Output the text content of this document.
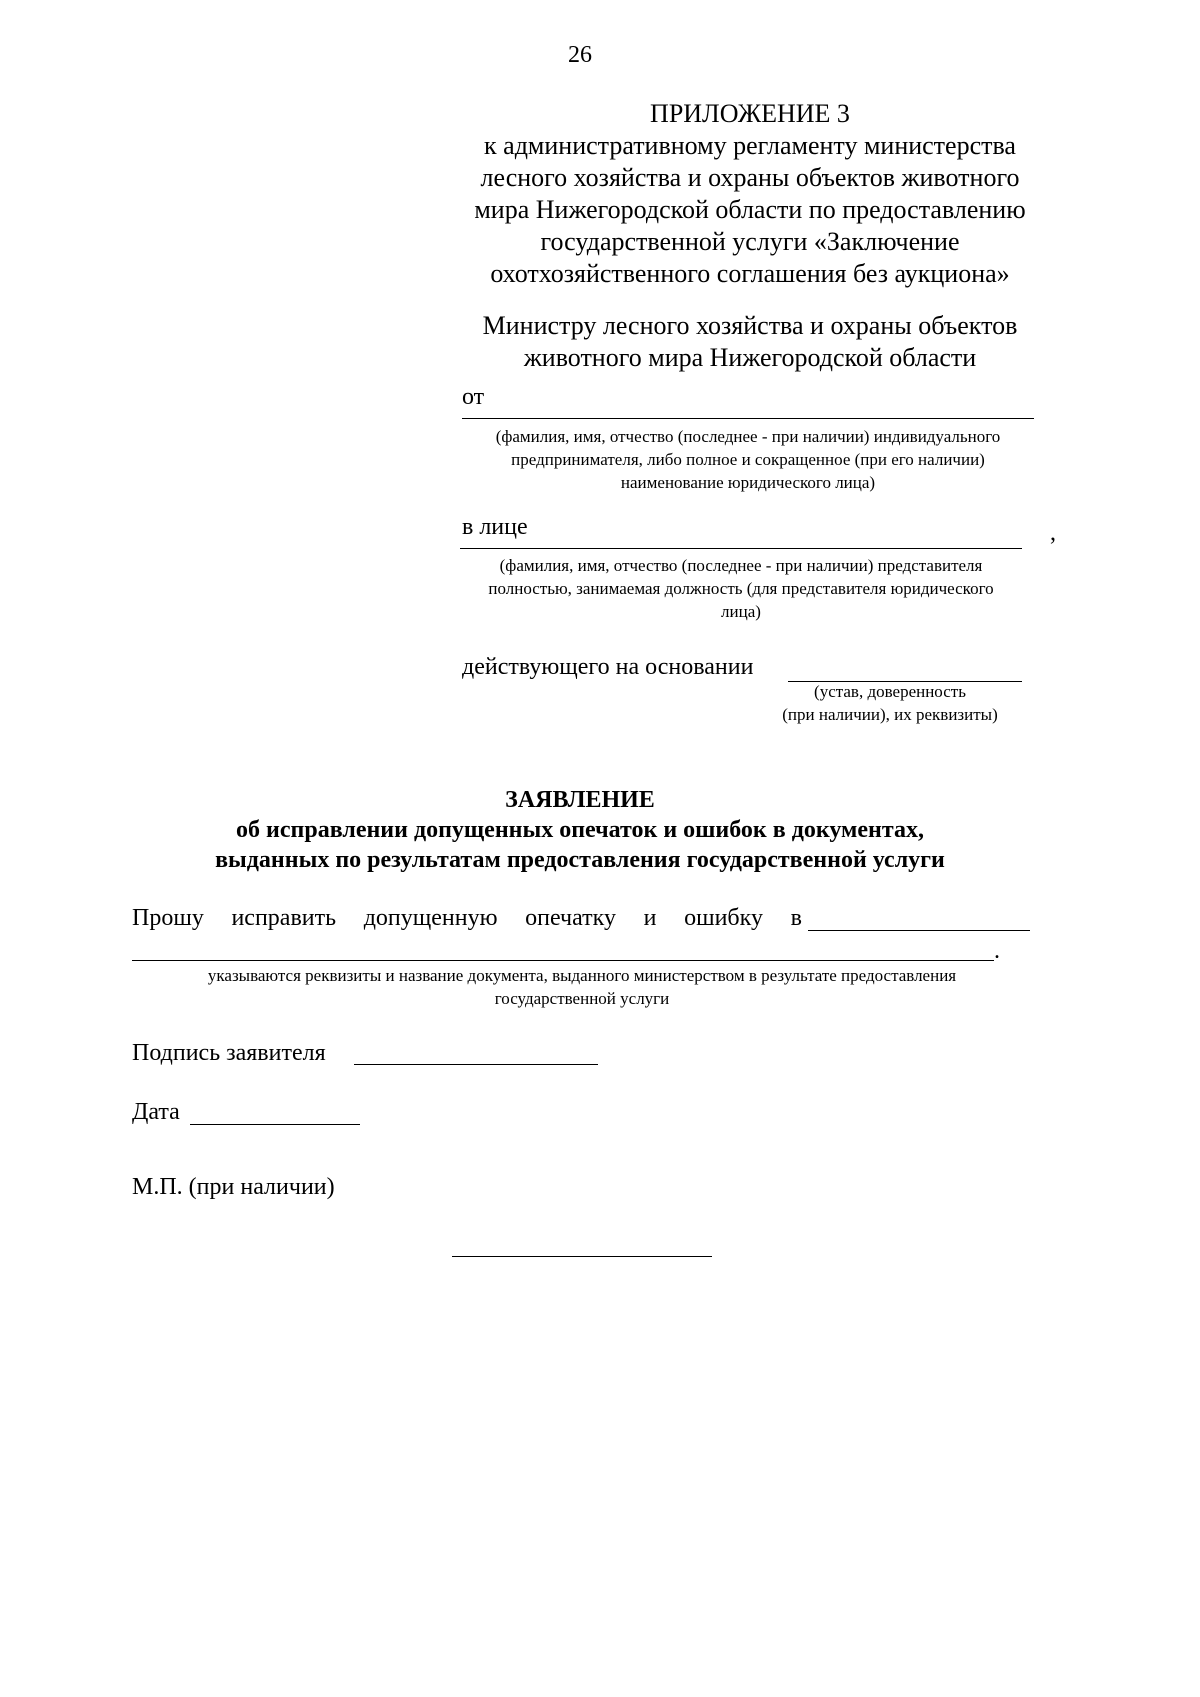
26
ПРИЛОЖЕНИЕ 3
к административному регламенту министерства
лесного хозяйства и охраны объектов животного
мира Нижегородской области по предоставлению
государственной услуги «Заключение
охотхозяйственного соглашения без аукциона»
Министру лесного хозяйства и охраны объектов
животного мира Нижегородской области
от
(фамилия, имя, отчество (последнее - при наличии) индивидуального
предпринимателя, либо полное и сокращенное (при его наличии)
наименование юридического лица)
в лице	,
(фамилия, имя, отчество (последнее - при наличии) представителя
полностью, занимаемая должность (для представителя юридического
лица)
действующего на основании
(устав, доверенность
(при наличии), их реквизиты)
ЗАЯВЛЕНИЕ
об исправлении допущенных опечаток и ошибок в документах,
выданных по результатам предоставления государственной услуги
Прошу исправить допущенную опечатку и ошибку в
.
указываются реквизиты и название документа, выданного министерством в результате предоставления
государственной услуги
Подпись заявителя
Дата
М.П. (при наличии)
